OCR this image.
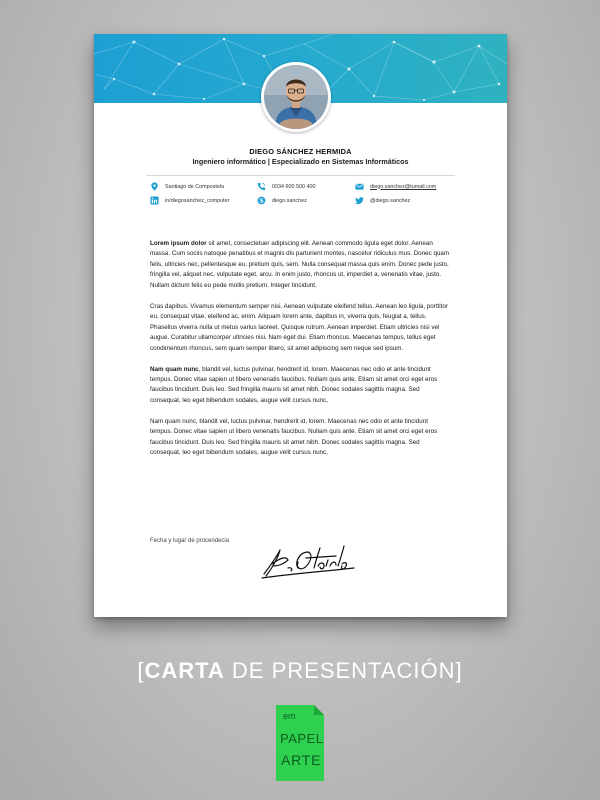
DIEGO SÁNCHEZ HERMIDA
Ingeniero informático | Especializado en Sistemas Informáticos
Santiago de Compostela	0034 600 500 400	diego.sanchez@tumail.com
in/diegosanchez_computer	diego.sanchez	@diego.sanchez

Lorem ipsum dolor sit amet, consectetuer adipiscing elit. Aenean commodo ligula eget dolor. Aenean massa. Cum sociis natoque penatibus et magnis dis parturient montes, nascetur ridiculus mus. Donec quam felis, ultricies nec, pellentesque eu, pretium quis, sem. Nulla consequat massa quis enim. Donec pede justo, fringilla vel, aliquet nec, vulputate eget, arcu. In enim justo, rhoncus ut, imperdiet a, venenatis vitae, justo. Nullam dictum felis eu pede mollis pretium. Integer tincidunt.

Cras dapibus. Vivamus elementum semper nisi. Aenean vulputate eleifend tellus. Aenean leo ligula, porttitor eu, consequat vitae, eleifend ac, enim. Aliquam lorem ante, dapibus in, viverra quis, feugiat a, tellus. Phasellus viverra nulla ut metus varius laoreet. Quisque rutrum. Aenean imperdiet. Etiam ultricies nisi vel augue. Curabitur ullamcorper ultricies nisi. Nam eget dui. Etiam rhoncus. Maecenas tempus, tellus eget condimentum rhoncus, sem quam semper libero, sit amet adipiscing sem neque sed ipsum.

Nam quam nunc, blandit vel, luctus pulvinar, hendrerit id, lorem. Maecenas nec odio et ante tincidunt tempus. Donec vitae sapien ut libero venenatis faucibus. Nullam quis ante. Etiam sit amet orci eget eros faucibus tincidunt. Duis leo. Sed fringilla mauris sit amet nibh. Donec sodales sagittis magna. Sed consequat, leo eget bibendum sodales, augue velit cursus nunc,

Nam quam nunc, blandit vel, luctus pulvinar, hendrerit id, lorem. Maecenas nec odio et ante tincidunt tempus. Donec vitae sapien ut libero venenatis faucibus. Nullam quis ante. Etiam sit amet orci eget eros faucibus tincidunt. Duis leo. Sed fringilla mauris sit amet nibh. Donec sodales sagittis magna. Sed consequat, leo eget bibendum sodales, augue velit cursus nunc,

Fecha y lugar de procendecia
[CARTA DE PRESENTACIÓN]
em
PAPEL
ARTE
